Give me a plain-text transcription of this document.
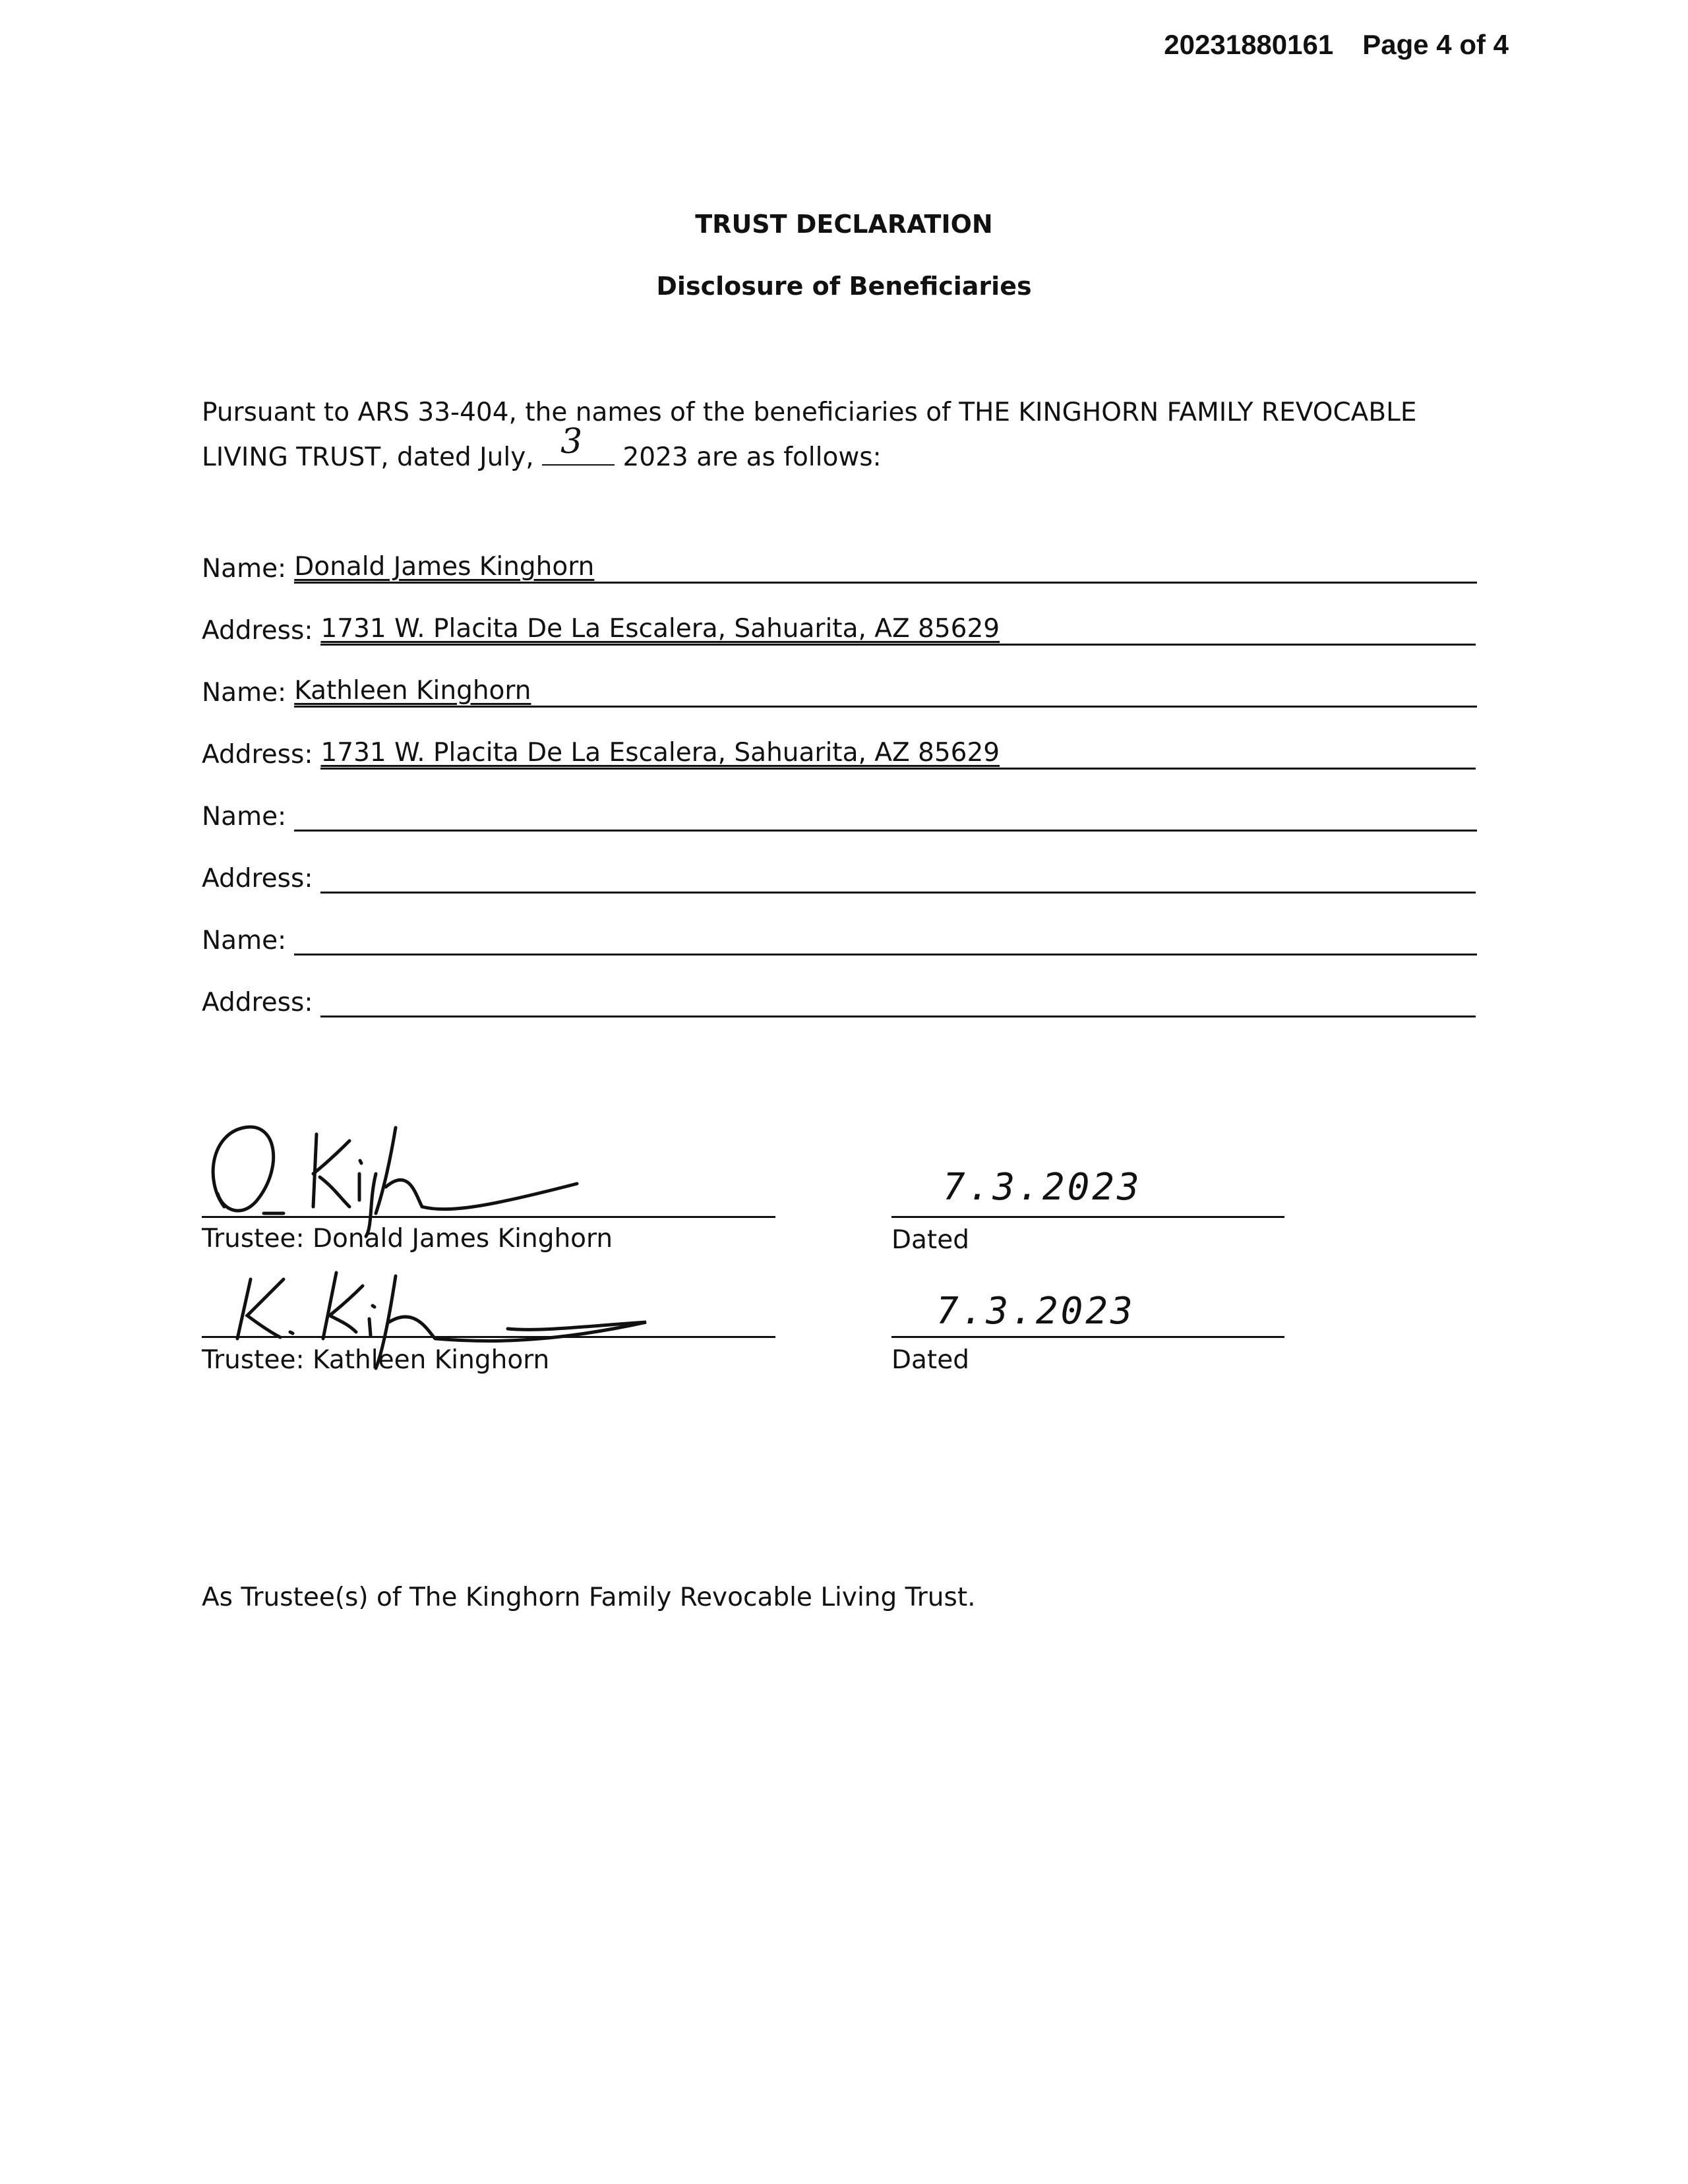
20231880161 Page 4 of 4
TRUST DECLARATION
Disclosure of Beneficiaries
Pursuant to ARS 33-404, the names of the beneficiaries of THE KINGHORN FAMILY REVOCABLE LIVING TRUST, dated July, 3 2023 are as follows:
Name: Donald James Kinghorn
Address: 1731 W. Placita De La Escalera, Sahuarita, AZ 85629
Name: Kathleen Kinghorn
Address: 1731 W. Placita De La Escalera, Sahuarita, AZ 85629
Name:
Address:
Name:
Address:
Trustee: Donald James Kinghorn
7.3.2023
Dated
Trustee: Kathleen Kinghorn
7.3.2023
Dated
As Trustee(s) of The Kinghorn Family Revocable Living Trust.
